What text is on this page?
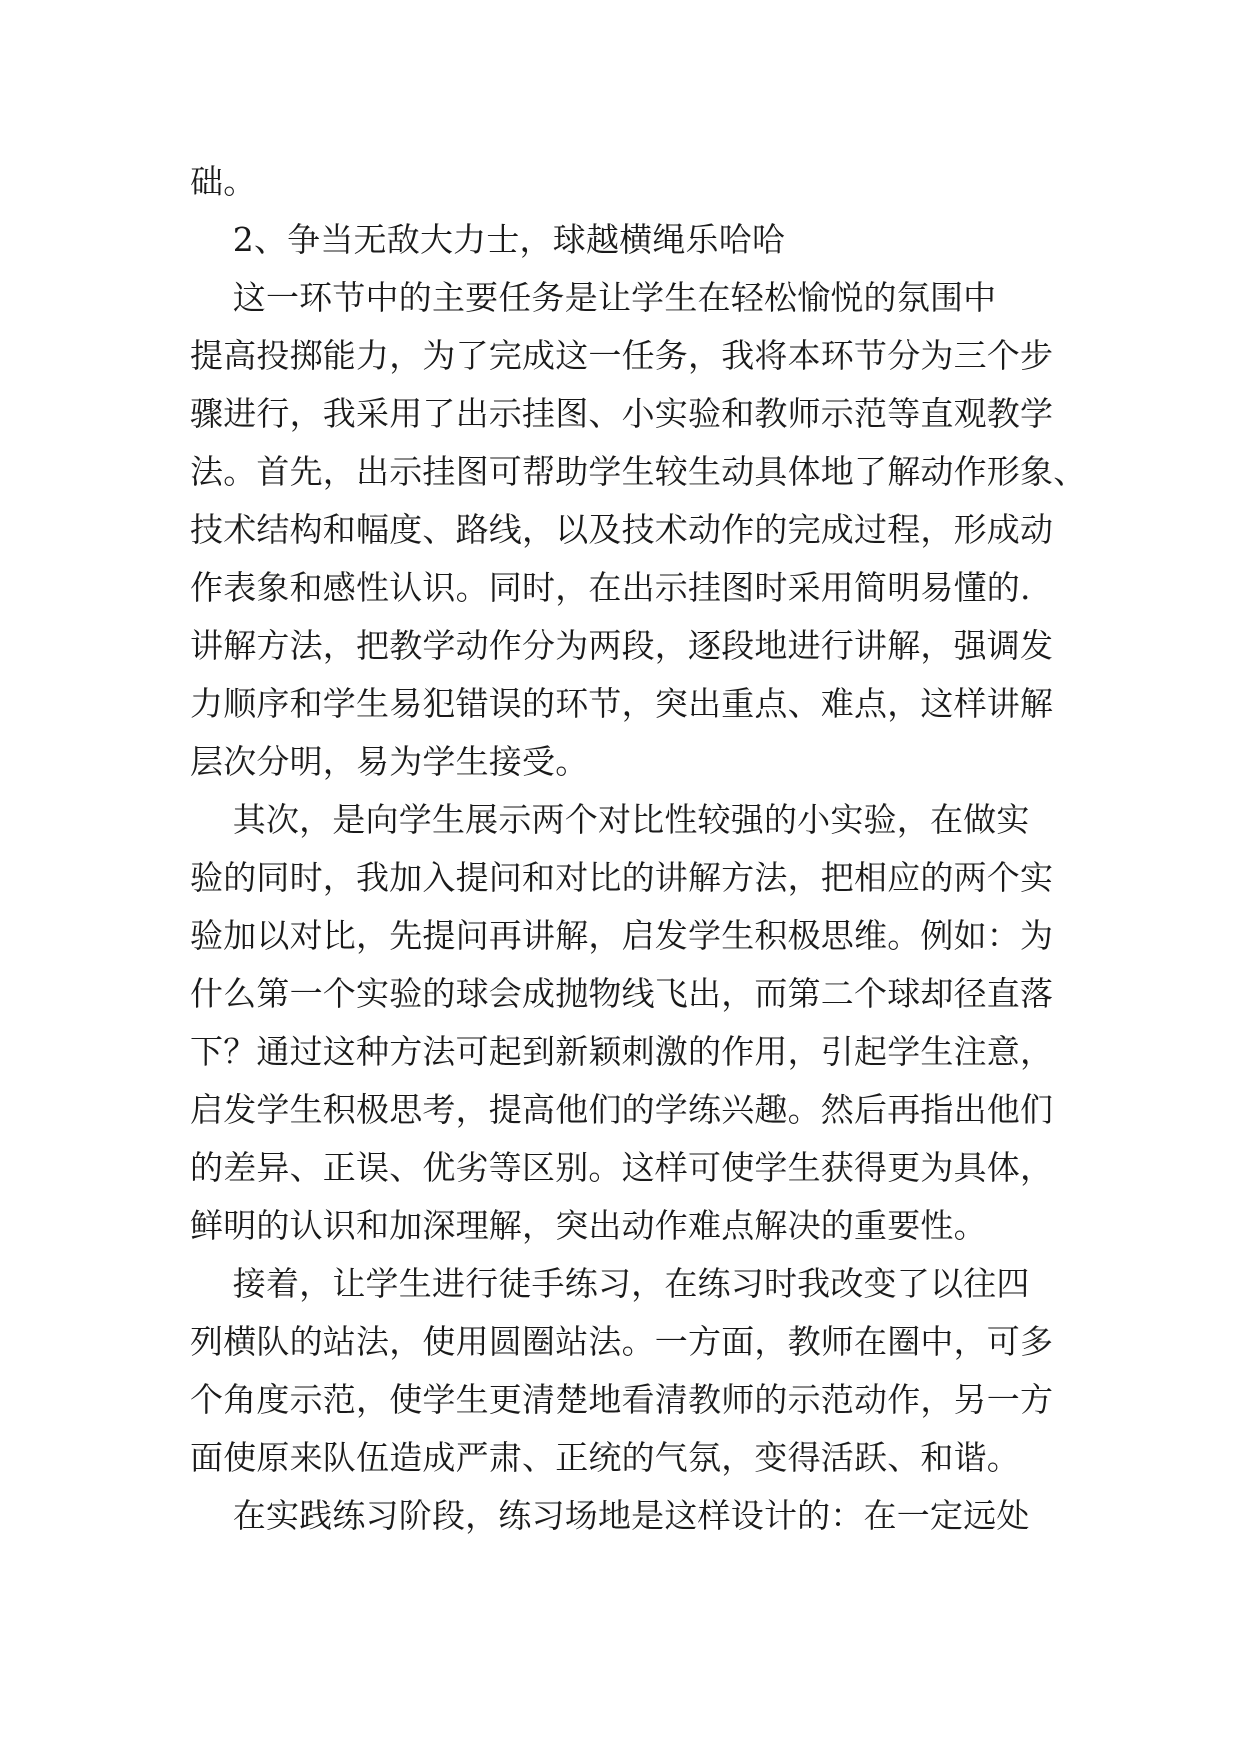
础。
2、争当无敌大力士，球越横绳乐哈哈
这一环节中的主要任务是让学生在轻松愉悦的氛围中
提高投掷能力，为了完成这一任务，我将本环节分为三个步
骤进行，我采用了出示挂图、小实验和教师示范等直观教学
法。首先，出示挂图可帮助学生较生动具体地了解动作形象、
技术结构和幅度、路线，以及技术动作的完成过程，形成动
作表象和感性认识。同时，在出示挂图时采用简明易懂的.
讲解方法，把教学动作分为两段，逐段地进行讲解，强调发
力顺序和学生易犯错误的环节，突出重点、难点，这样讲解
层次分明，易为学生接受。
其次，是向学生展示两个对比性较强的小实验，在做实
验的同时，我加入提问和对比的讲解方法，把相应的两个实
验加以对比，先提问再讲解，启发学生积极思维。例如：为
什么第一个实验的球会成抛物线飞出，而第二个球却径直落
下？通过这种方法可起到新颖刺激的作用，引起学生注意，
启发学生积极思考，提高他们的学练兴趣。然后再指出他们
的差异、正误、优劣等区别。这样可使学生获得更为具体，
鲜明的认识和加深理解，突出动作难点解决的重要性。
接着，让学生进行徒手练习，在练习时我改变了以往四
列横队的站法，使用圆圈站法。一方面，教师在圈中，可多
个角度示范，使学生更清楚地看清教师的示范动作，另一方
面使原来队伍造成严肃、正统的气氛，变得活跃、和谐。
在实践练习阶段，练习场地是这样设计的：在一定远处
